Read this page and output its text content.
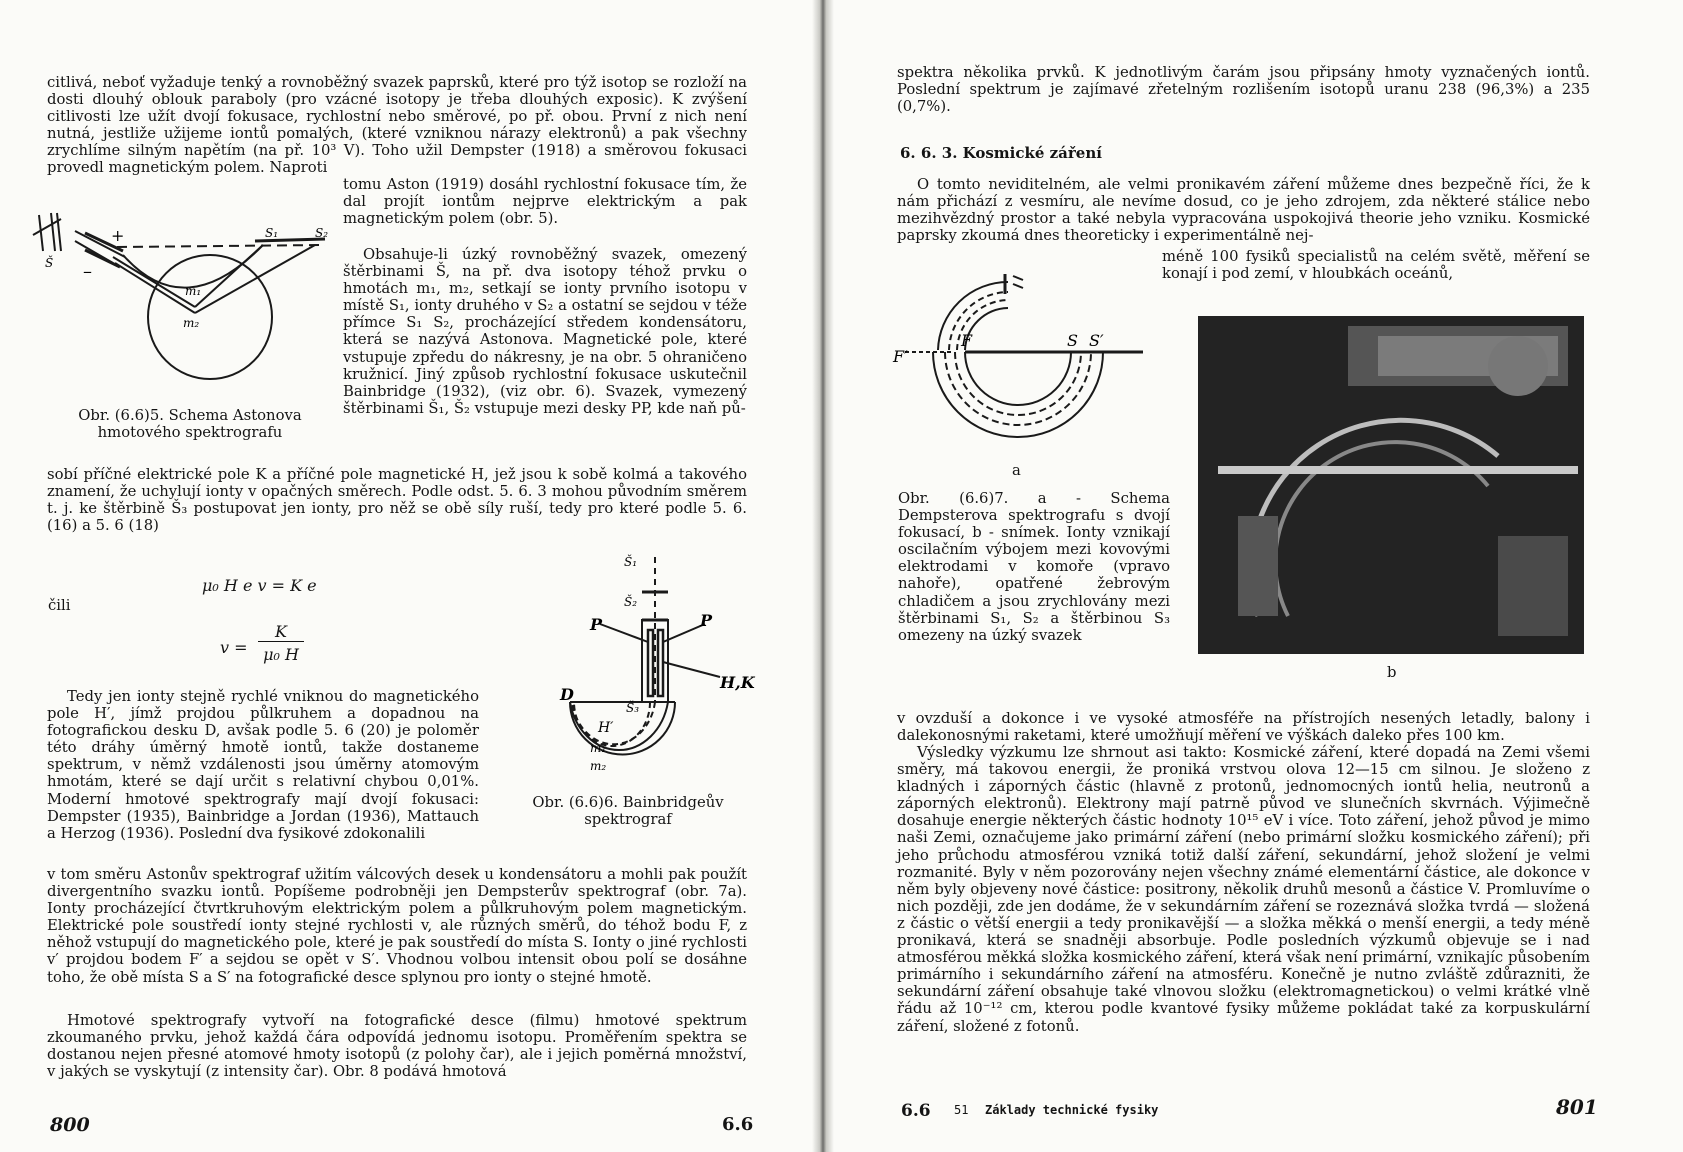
citlivá, neboť vyžaduje tenký a rovnoběžný svazek paprsků, které pro týž isotop se rozloží na dosti dlouhý oblouk paraboly (pro vzácné isotopy je třeba dlouhých exposic). K zvýšení citlivosti lze užít dvojí fokusace, rychlostní nebo směrové, po př. obou. První z nich není nutná, jestliže užijeme iontů pomalých, (které vzniknou nárazy elektronů) a pak všechny zrychlíme silným napětím (na př. 10³ V). Toho užil Dempster (1918) a směrovou fokusaci provedl magnetickým polem. Naproti

tomu Aston (1919) dosáhl rychlostní fokusace tím, že dal projít iontům nejprve elektrickým a pak magnetickým polem (obr. 5).

Obsahuje-li úzký rovnoběžný svazek, omezený štěrbinami Š, na př. dva isotopy téhož prvku o hmotách m₁, m₂, setkají se ionty prvního isotopu v místě S₁, ionty druhého v S₂ a ostatní se sejdou v téže přímce S₁ S₂, procházející středem kondensátoru, která se nazývá Astonova. Magnetické pole, které vstupuje zpředu do nákresny, je na obr. 5 ohraničeno kružnicí. Jiný způsob rychlostní fokusace uskutečnil Bainbridge (1932), (viz obr. 6). Svazek, vymezený štěrbinami Š₁, Š₂ vstupuje mezi desky PP, kde naň pů-

+
–
Š
S₁	S₂
m₁
m₂
Obr. (6.6)5. Schema Astonova hmotového spektrografu

sobí příčné elektrické pole K a příčné pole magnetické H, jež jsou k sobě kolmá a takového znamení, že uchylují ionty v opačných směrech. Podle odst. 5. 6. 3 mohou původním směrem t. j. ke štěrbině Š₃ postupovat jen ionty, pro něž se obě síly ruší, tedy pro které podle 5. 6. (16) a 5. 6 (18)

μ₀ H e v = K e
čili
v =
K
μ₀ H
Š₁
Š₂
Š₃
P	P
D
H,K
H′
m₁
m₂
Obr. (6.6)6. Bainbridgeův spektrograf

Tedy jen ionty stejně rychlé vniknou do magnetického pole H′, jímž projdou půlkruhem a dopadnou na fotografickou desku D, avšak podle 5. 6 (20) je poloměr této dráhy úměrný hmotě iontů, takže dostaneme spektrum, v němž vzdálenosti jsou úměrny atomovým hmotám, které se dají určit s relativní chybou 0,01%. Moderní hmotové spektrografy mají dvojí fokusaci: Dempster (1935), Bainbridge a Jordan (1936), Mattauch a Herzog (1936). Poslední dva fysikové zdokonalili

v tom směru Astonův spektrograf užitím válcových desek u kondensátoru a mohli pak použít divergentního svazku iontů. Popíšeme podrobněji jen Dempsterův spektrograf (obr. 7a). Ionty procházející čtvrtkruhovým elektrickým polem a půlkruhovým polem magnetickým. Elektrické pole soustředí ionty stejné rychlosti v, ale různých směrů, do téhož bodu F, z něhož vstupují do magnetického pole, které je pak soustředí do místa S. Ionty o jiné rychlosti v′ projdou bodem F′ a sejdou se opět v S′. Vhodnou volbou intensit obou polí se dosáhne toho, že obě místa S a S′ na fotografické desce splynou pro ionty o stejné hmotě.

Hmotové spektrografy vytvoří na fotografické desce (filmu) hmotové spektrum zkoumaného prvku, jehož každá čára odpovídá jednomu isotopu. Proměřením spektra se dostanou nejen přesné atomové hmoty isotopů (z polohy čar), ale i jejich poměrná množství, v jakých se vyskytují (z intensity čar). Obr. 8 podává hmotová

800	6.6

spektra několika prvků. K jednotlivým čarám jsou připsány hmoty vyznačených iontů. Poslední spektrum je zajímavé zřetelným rozlišením isotopů uranu 238 (96,3%) a 235 (0,7%).

6. 6. 3. Kosmické záření

O tomto neviditelném, ale velmi pronikavém záření můžeme dnes bezpečně říci, že k nám přichází z vesmíru, ale nevíme dosud, co je jeho zdrojem, zda některé stálice nebo mezihvězdný prostor a také nebyla vypracována uspokojivá theorie jeho vzniku. Kosmické paprsky zkoumá dnes theoreticky i experimentálně nej-

méně 100 fysiků specialistů na celém světě, měření se konají i pod zemí, v hloubkách oceánů,

F′
F	S S′
a
Obr. (6.6)7. a - Schema Dempsterova spektrografu s dvojí fokusací, b - snímek. Ionty vznikají oscilačním výbojem mezi kovovými elektrodami v komoře (vpravo nahoře), opatřené žebrovým chladičem a jsou zrychlovány mezi štěrbinami S₁, S₂ a štěrbinou S₃ omezeny na úzký svazek
b

v ovzduší a dokonce i ve vysoké atmosféře na přístrojích nesených letadly, balony i dalekonosnými raketami, které umožňují měření ve výškách daleko přes 100 km.

Výsledky výzkumu lze shrnout asi takto: Kosmické záření, které dopadá na Zemi všemi směry, má takovou energii, že proniká vrstvou olova 12—15 cm silnou. Je složeno z kladných i záporných částic (hlavně z protonů, jednomocných iontů helia, neutronů a záporných elektronů). Elektrony mají patrně původ ve slunečních skvrnách. Výjimečně dosahuje energie některých částic hodnoty 10¹⁵ eV i více. Toto záření, jehož původ je mimo naši Zemi, označujeme jako primární záření (nebo primární složku kosmického záření); při jeho průchodu atmosférou vzniká totiž další záření, sekundární, jehož složení je velmi rozmanité. Byly v něm pozorovány nejen všechny známé elementární částice, ale dokonce v něm byly objeveny nové částice: positrony, několik druhů mesonů a částice V. Promluvíme o nich později, zde jen dodáme, že v sekundárním záření se rozeznává složka tvrdá — složená z částic o větší energii a tedy pronikavější — a složka měkká o menší energii, a tedy méně pronikavá, která se snadněji absorbuje. Podle posledních výzkumů objevuje se i nad atmosférou měkká složka kosmického záření, která však není primární, vznikajíc působením primárního i sekundárního záření na atmosféru. Konečně je nutno zvláště zdůrazniti, že sekundární záření obsahuje také vlnovou složku (elektromagnetickou) o velmi krátké vlně řádu až 10⁻¹² cm, kterou podle kvantové fysiky můžeme pokládat také za korpuskulární záření, složené z fotonů.

6.6 51 Základy technické fysiky	801
